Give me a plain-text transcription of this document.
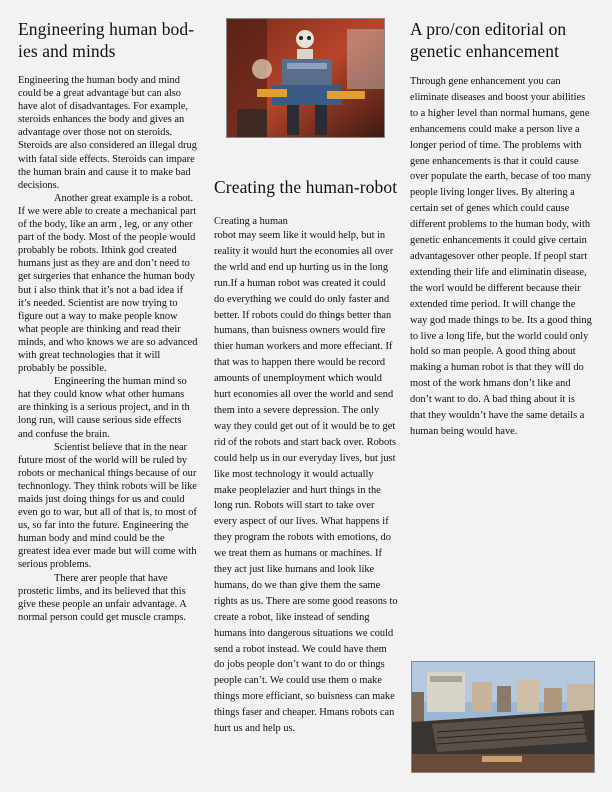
Engineering human bod-ies and minds

Engineering the human body and mind could be a great advantage but can also have alot of disadvantages. For example, steroids enhances the body and gives an advantage over those not on steroids. Steroids are also considered an illegal drug with fatal side effects. Steroids can impare the human brain and cause it to make bad decisions.

Another great example is a robot. If we were able to create a mechanical part of the body, like an arm , leg, or any other part of the body. Most of the people would probably be robots. Ithink god created humans just as they are and don’t need to get surgeries that enhance the human body but i also think that it’s not a bad idea if it’s needed. Scientist are now trying to figure out a way to make people know what people are thinking and read their minds, and who knows we are so advanced with great technologies that it will probably be possible.

Engineering the human mind so hat they could know what other humans are thinking is a serious project, and in th long run, will cause serious side effects and confuse the brain.

Scientist believe that in the near future most of the world will be ruled by robots or mechanical things because of our technonlogy. They think robots will be like maids just doing things for us and could even go to war, but all of that is, to most of us, so far into the future. Engineering the human body and mind could be the greatest idea ever made but will come with serious problems.

There arer people that have prostetic limbs, and its believed that this give these people an unfair advantage. A normal person could get muscle cramps.

Creating the human-robot
Creating a human

robot may seem like it would help, but in reality it would hurt the economies all over the wrld and end up hurting us in the long run.If a human robot was created it could do everything we could do only faster and better. If robots could do things better than humans, than buisness owners would fire thier human workers and more effeciant. If that was to happen there would be record amounts of unemployment which would hurt economies all over the world and send them into a severe depression. The only way they could get out of it would be to get rid of the robots and start back over. Robots could help us in our everyday lives, but just like most technology it would actually make peoplelazier and hurt things in the long run. Robots will start to take over every aspect of our lives. What happens if they program the robots with emotions, do we treat them as humans or machines. If they act just like humans and look like humans, do we than give them the same rights as us. There are some good reasons to create a robot, like instead of sending humans into dangerous situations we could send a robot instead. We could have them do jobs people don’t want to do or things people can’t. We could use them o make things more efficiant, so buisness can make things faser and cheaper. Hmans robots can hurt us and help us.

A pro/con editorial on genetic enhancement

Through gene enhancement you can eliminate diseases and boost your abilities to a higher level than normal humans, gene enhancemens could make a person live a longer period of time. The problems with gene enhancements is that it could cause over populate the earth, becase of too many people living longer lives. By altering a certain set of genes which could cause different problems to the human body, with genetic enhancements it could give certain advantagesover other people. If peopl start extending their life and eliminatin disease, the worl would be different because their extended time period. It will change the way god made things to be. Its a good thing to live a long life, but the world could only hold so man people. A good thing about making a human robot is that they will do most of the work hmans don’t like and don’t want to do. A bad thing about it is that they wouldn’t have the same details a human being would have.
